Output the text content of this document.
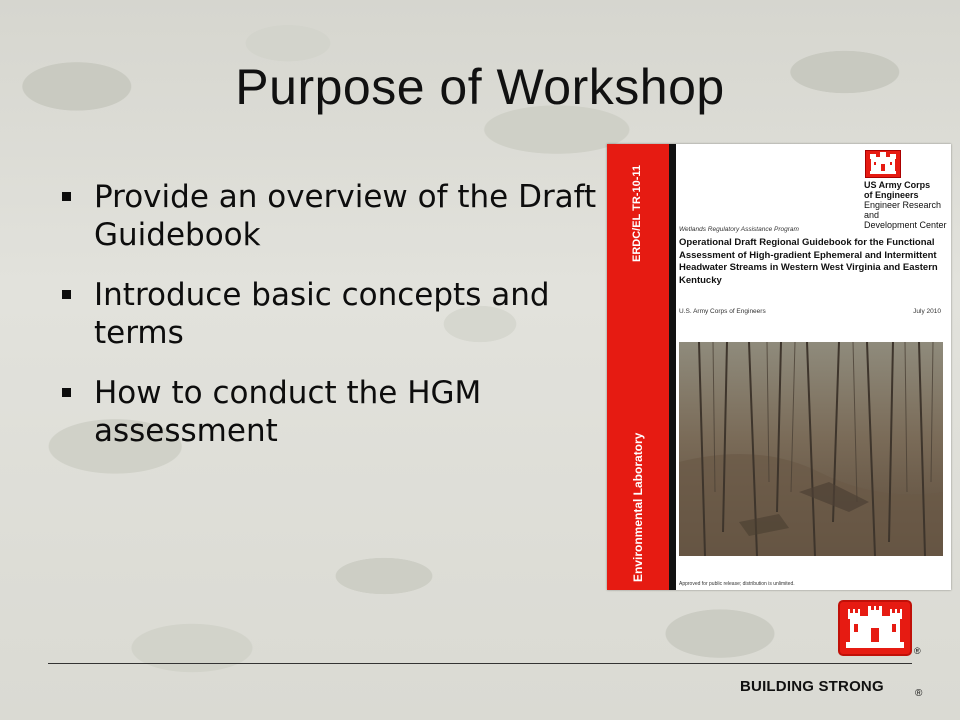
Purpose of Workshop
Provide an overview of the Draft Guidebook
Introduce basic concepts and terms
How to conduct the HGM assessment
ERDC/EL TR-10-11
Environmental Laboratory
US Army Corps
of Engineers
Engineer Research and
Development Center
Wetlands Regulatory Assistance Program
Operational Draft Regional Guidebook for the Functional Assessment of High-gradient Ephemeral and Intermittent Headwater Streams in Western West Virginia and Eastern Kentucky
U.S. Army Corps of Engineers	July 2010
Approved for public release; distribution is unlimited.
®
BUILDING STRONG	®
